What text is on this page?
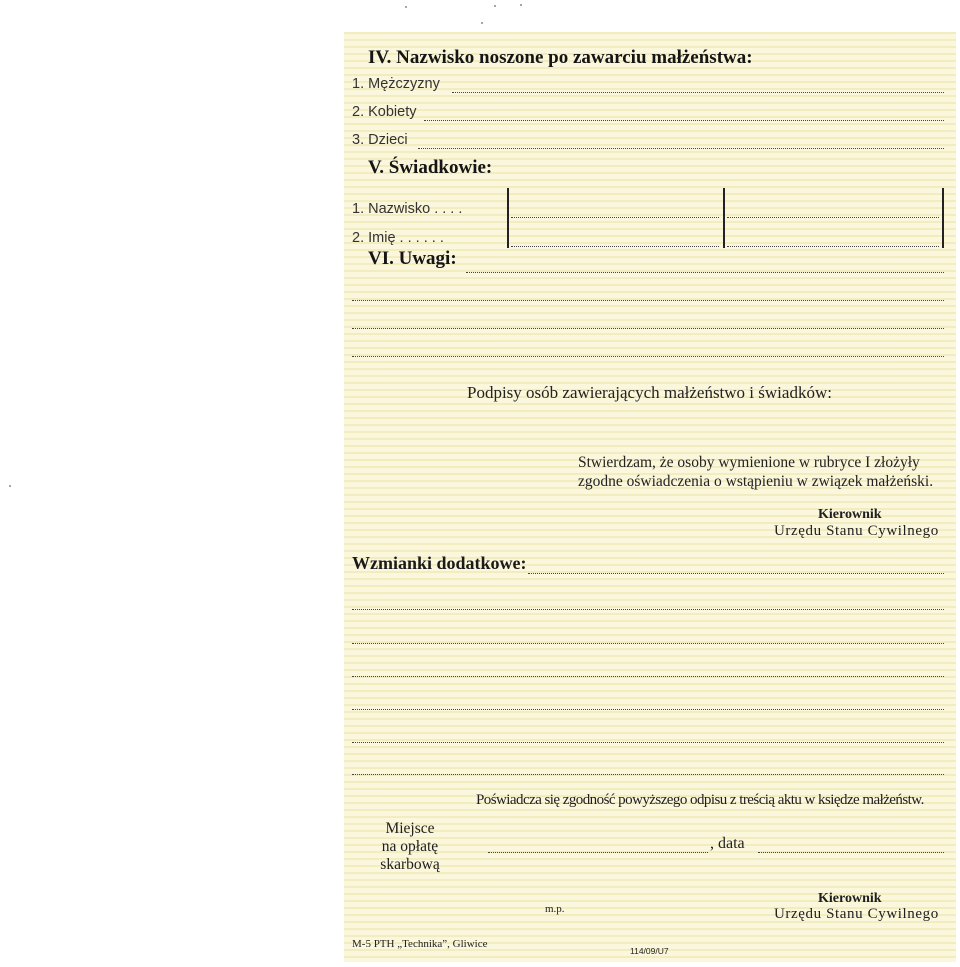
IV. Nazwisko noszone po zawarciu małżeństwa:
1. Mężczyzny
2. Kobiety
3. Dzieci
V. Świadkowie:
1. Nazwisko . . . .
2. Imię . . . . . .
VI. Uwagi:
Podpisy osób zawierających małżeństwo i świadków:
Stwierdzam, że osoby wymienione w rubryce I złożyły
zgodne oświadczenia o wstąpieniu w związek małżeński.
Kierownik
Urzędu Stanu Cywilnego
Wzmianki dodatkowe:
Poświadcza się zgodność powyższego odpisu z treścią aktu w księdze małżeństw.
Miejsce
na opłatę
skarbową
, data
m.p.
Kierownik
Urzędu Stanu Cywilnego
M-5 PTH „Technika”, Gliwice
114/09/U7
